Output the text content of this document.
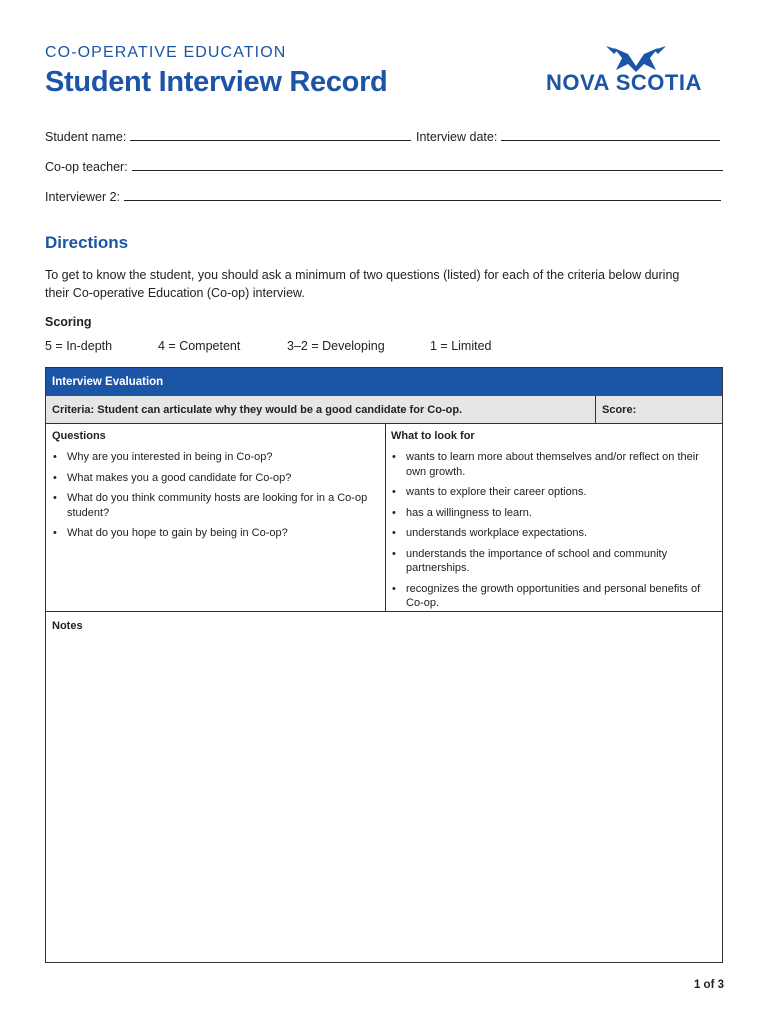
CO-OPERATIVE EDUCATION
Student Interview Record	NOVA SCOTIA
Student name:	Interview date:
Co-op teacher:
Interviewer 2:
Directions
To get to know the student, you should ask a minimum of two questions (listed) for each of the criteria below during their Co-operative Education (Co-op) interview.
Scoring
5 = In-depth	4 = Competent	3–2 = Developing	1 = Limited
Interview Evaluation
Criteria: Student can articulate why they would be a good candidate for Co-op.	Score:
Questions
• Why are you interested in being in Co-op?
• What makes you a good candidate for Co-op?
• What do you think community hosts are looking for in a Co-op student?
• What do you hope to gain by being in Co-op?
What to look for
• wants to learn more about themselves and/or reflect on their own growth.
• wants to explore their career options.
• has a willingness to learn.
• understands workplace expectations.
• understands the importance of school and community partnerships.
• recognizes the growth opportunities and personal benefits of Co-op.
Notes
1 of 3
